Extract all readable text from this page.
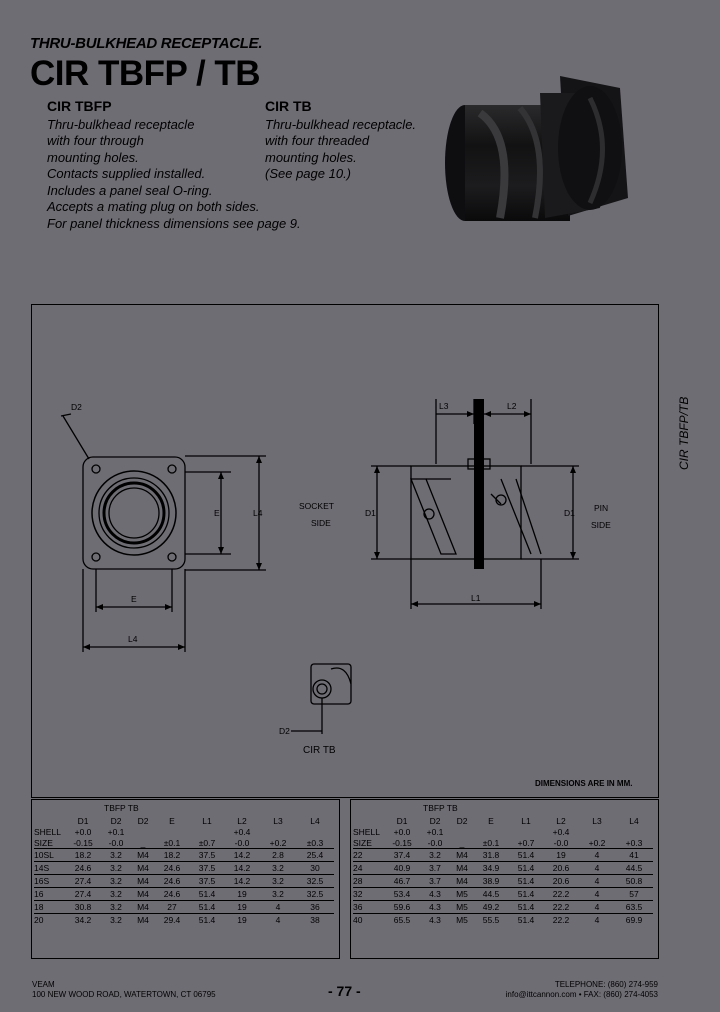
THRU-BULKHEAD RECEPTACLE.
CIR TBFP / TB
CIR TBFP
Thru-bulkhead receptacle
with four through
mounting holes.
Contacts supplied installed.
Includes a panel seal O-ring.
Accepts a mating plug on both sides.
For panel thickness dimensions see page 9.
CIR TB
Thru-bulkhead receptacle.
with four threaded
mounting holes.
(See page 10.)
D2
E	L4
E
L4
L3	L2
L1
D1	D1
SOCKET
SIDE
PIN
SIDE
D2
CIR TB
DIMENSIONS ARE IN MM.
CIR TBFP/TB
TBFP TB
	D1	D2	D2	E	L1	L2	L3	L4
SHELL	+0.0	+0.1				+0.4		
SIZE	-0.15	-0.0	_	±0.1	±0.7	-0.0	+0.2	±0.3
10SL	18.2	3.2	M4	18.2	37.5	14.2	2.8	25.4
14S	24.6	3.2	M4	24.6	37.5	14.2	3.2	30
16S	27.4	3.2	M4	24.6	37.5	14.2	3.2	32.5
16	27.4	3.2	M4	24.6	51.4	19	3.2	32.5
18	30.8	3.2	M4	27	51.4	19	4	36
20	34.2	3.2	M4	29.4	51.4	19	4	38
TBFP TB
	D1	D2	D2	E	L1	L2	L3	L4
SHELL	+0.0	+0.1				+0.4		
SIZE	-0.15	-0.0	_	±0.1	+0.7	-0.0	+0.2	+0.3
22	37.4	3.2	M4	31.8	51.4	19	4	41
24	40.9	3.7	M4	34.9	51.4	20.6	4	44.5
28	46.7	3.7	M4	38.9	51.4	20.6	4	50.8
32	53.4	4.3	M5	44.5	51.4	22.2	4	57
36	59.6	4.3	M5	49.2	51.4	22.2	4	63.5
40	65.5	4.3	M5	55.5	51.4	22.2	4	69.9
VEAM
100 NEW WOOD ROAD, WATERTOWN, CT 06795	- 77 -	TELEPHONE: (860) 274-959
info@ittcannon.com • FAX: (860) 274-4053
